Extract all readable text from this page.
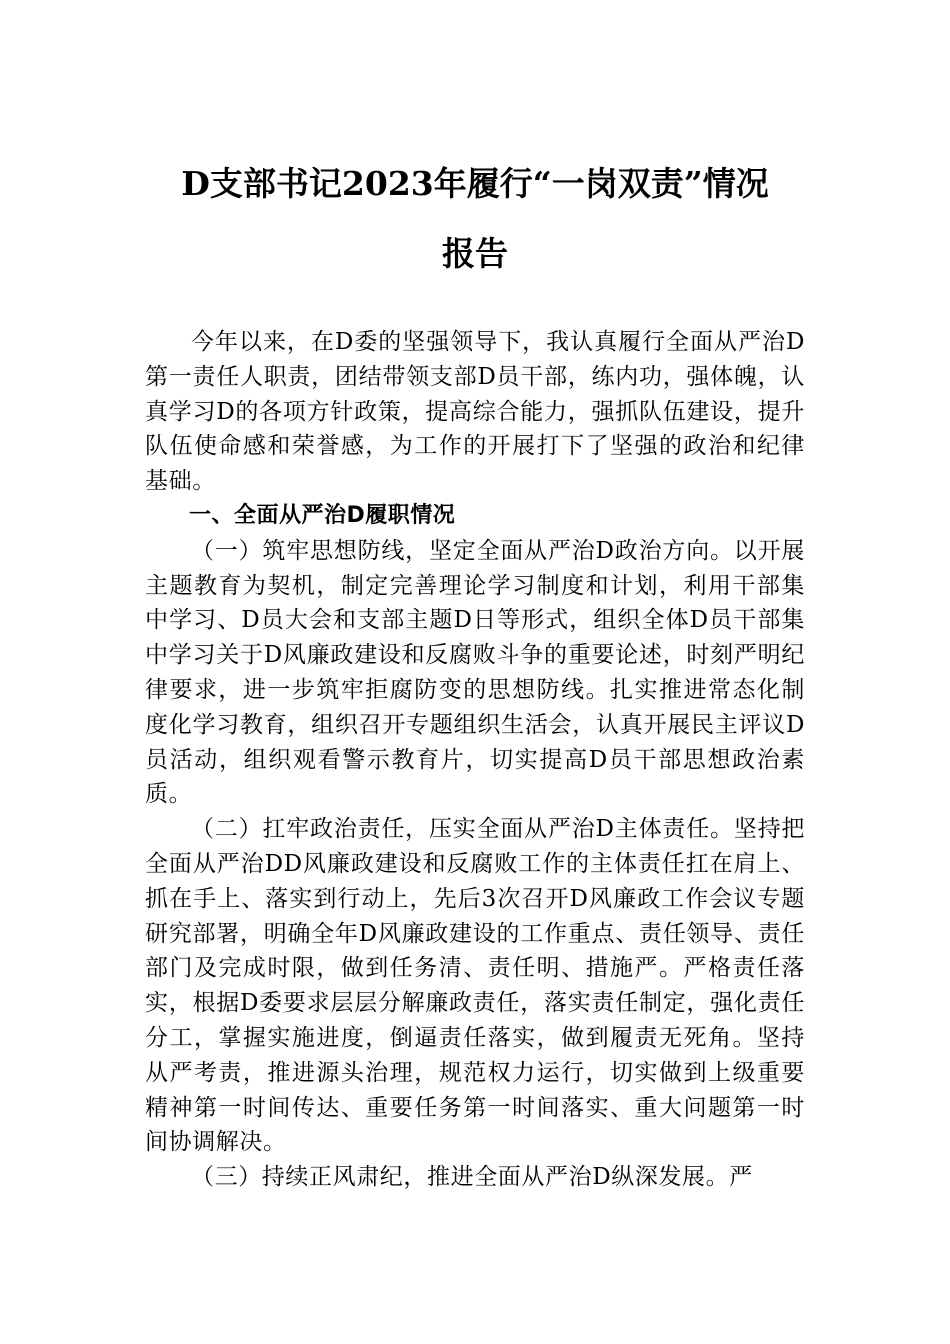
D支部书记2023年履行“一岗双责”情况
报告

今年以来，在D委的坚强领导下，我认真履行全面从严治D第一责任人职责，团结带领支部D员干部，练内功，强体魄，认真学习D的各项方针政策，提高综合能力，强抓队伍建设，提升队伍使命感和荣誉感，为工作的开展打下了坚强的政治和纪律基础。

一、全面从严治D履职情况

（一）筑牢思想防线，坚定全面从严治D政治方向。以开展主题教育为契机，制定完善理论学习制度和计划，利用干部集中学习、D员大会和支部主题D日等形式，组织全体D员干部集中学习关于D风廉政建设和反腐败斗争的重要论述，时刻严明纪律要求，进一步筑牢拒腐防变的思想防线。扎实推进常态化制度化学习教育，组织召开专题组织生活会，认真开展民主评议D员活动，组织观看警示教育片，切实提高D员干部思想政治素质。

（二）扛牢政治责任，压实全面从严治D主体责任。坚持把全面从严治DD风廉政建设和反腐败工作的主体责任扛在肩上、抓在手上、落实到行动上，先后3次召开D风廉政工作会议专题研究部署，明确全年D风廉政建设的工作重点、责任领导、责任部门及完成时限，做到任务清、责任明、措施严。严格责任落实，根据D委要求层层分解廉政责任，落实责任制定，强化责任分工，掌握实施进度，倒逼责任落实，做到履责无死角。坚持从严考责，推进源头治理，规范权力运行，切实做到上级重要精神第一时间传达、重要任务第一时间落实、重大问题第一时间协调解决。

（三）持续正风肃纪，推进全面从严治D纵深发展。严
